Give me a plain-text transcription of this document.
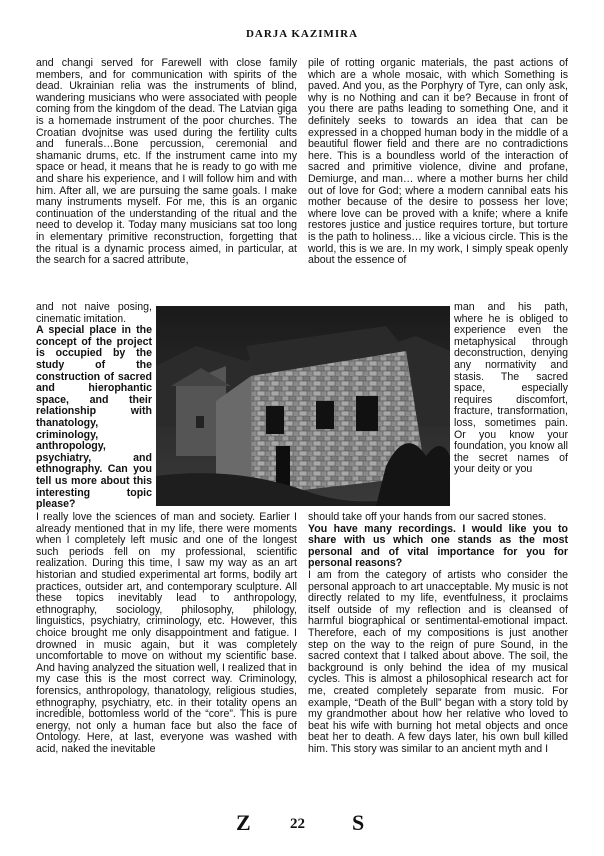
DARJA KAZIMIRA

and changi served for Farewell with close family members, and for communication with spirits of the dead. Ukrainian relia was the instruments of blind, wandering musicians who were associated with people coming from the kingdom of the dead. The Latvian giga is a homemade instrument of the poor churches. The Croatian dvojnitse was used during the fertility cults and funerals…Bone percussion, ceremonial and shamanic drums, etc. If the instrument came into my space or head, it means that he is ready to go with me and share his experience, and I will follow him and with him. After all, we are pursuing the same goals. I make many instruments myself. For me, this is an organic continuation of the understanding of the ritual and the need to develop it. Today many musicians sat too long in elementary primitive reconstruction, forgetting that the ritual is a dynamic process aimed, in particular, at the search for a sacred attribute,

pile of rotting organic materials, the past actions of which are a whole mosaic, with which Something is paved. And you, as the Porphyry of Tyre, can only ask, why is no Nothing and can it be? Because in front of you there are paths leading to something One, and it definitely seeks to towards an idea that can be expressed in a chopped human body in the middle of a beautiful flower field and there are no contradictions here. This is a boundless world of the interaction of sacred and primitive violence, divine and profane, Demiurge, and man… where a mother burns her child out of love for God; where a modern cannibal eats his mother because of the desire to possess her love; where love can be proved with a knife; where a knife restores justice and justice requires torture, but torture is the path to holiness… like a vicious circle. This is the world, this is we are. In my work, I simply speak openly about the essence of

and not naive posing, cinematic imitation.

A special place in the concept of the project is occupied by the study of the construction of sacred and hierophantic space, and their relationship with thanatology, criminology, anthropology, psychiatry, and ethnography. Can you tell us more about this interesting topic please?

man and his path, where he is obliged to experience even the metaphysical through deconstruction, denying any normativity and stasis. The sacred space, especially requires discomfort, fracture, transformation, loss, sometimes pain. Or you know your foundation, you know all the secret names of your deity or you

I really love the sciences of man and society. Earlier I already mentioned that in my life, there were moments when I completely left music and one of the longest such periods fell on my professional, scientific realization. During this time, I saw my way as an art historian and studied experimental art forms, bodily art practices, outsider art, and contemporary sculpture. All these topics inevitably lead to anthropology, ethnography, sociology, philosophy, philology, linguistics, psychiatry, criminology, etc. However, this choice brought me only disappointment and fatigue. I drowned in music again, but it was completely uncomfortable to move on without my scientific base. And having analyzed the situation well, I realized that in my case this is the most correct way. Criminology, forensics, anthropology, thanatology, religious studies, ethnography, psychiatry, etc. in their totality opens an incredible, bottomless world of the “core”. This is pure energy, not only a human face but also the face of Ontology. Here, at last, everyone was washed with acid, naked the inevitable

should take off your hands from our sacred stones.

You have many recordings. I would like you to share with us which one stands as the most personal and of vital importance for you for personal reasons?

I am from the category of artists who consider the personal approach to art unacceptable. My music is not directly related to my life, eventfulness, it proclaims itself outside of my reflection and is cleansed of harmful biographical or sentimental-emotional impact. Therefore, each of my compositions is just another step on the way to the reign of pure Sound, in the sacred context that I talked about above. The soil, the background is only behind the idea of my musical cycles. This is almost a philosophical research act for me, created completely separate from music. For example, “Death of the Bull” began with a story told by my grandmother about how her relative who loved to beat his wife with burning hot metal objects and once beat her to death. A few days later, his own bull killed him. This story was similar to an ancient myth and I

Z	22 S
